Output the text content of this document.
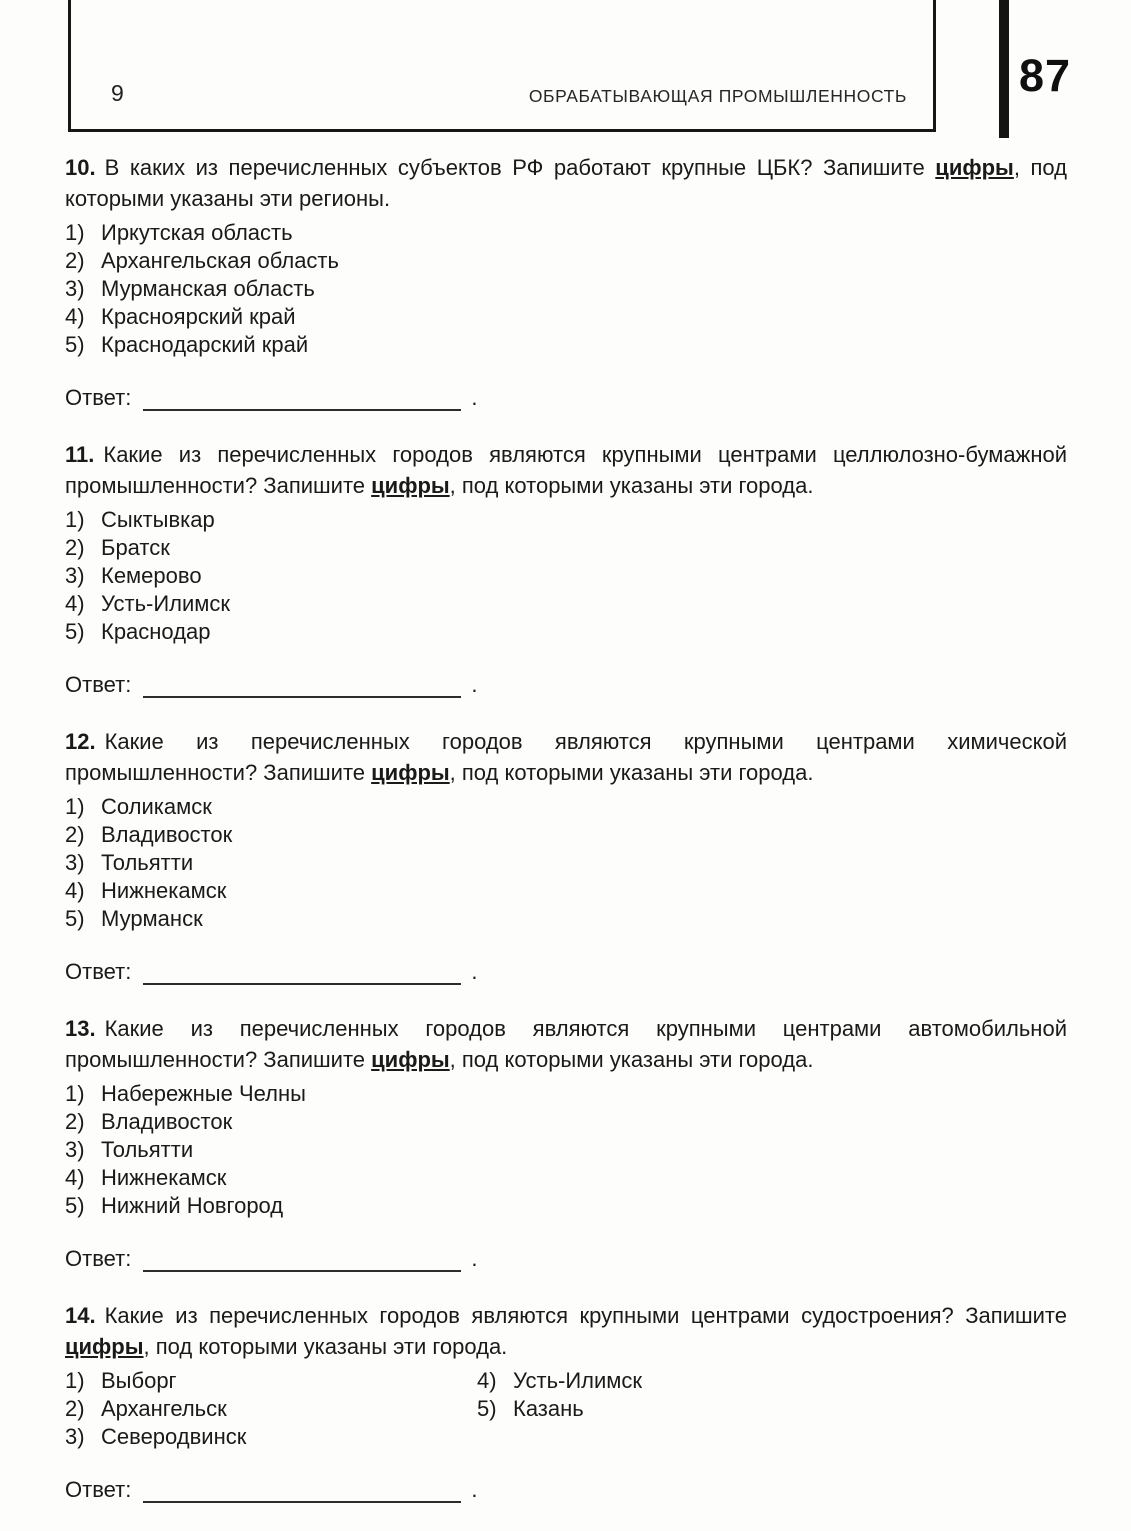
9	ОБРАБАТЫВАЮЩАЯ ПРОМЫШЛЕННОСТЬ 87

10. В каких из перечисленных субъектов РФ работают крупные ЦБК? Запишите цифры, под которыми указаны эти регионы.

1) Иркутская область
2) Архангельская область
3) Мурманская область
4) Красноярский край
5) Краснодарский край
Ответ:	.

11. Какие из перечисленных городов являются крупными центрами целлюлозно-бумажной промышленности? Запишите цифры, под которыми указаны эти города.

1) Сыктывкар
2) Братск
3) Кемерово
4) Усть-Илимск
5) Краснодар
Ответ:	.

12. Какие из перечисленных городов являются крупными центрами химической промышленности? Запишите цифры, под которыми указаны эти города.

1) Соликамск
2) Владивосток
3) Тольятти
4) Нижнекамск
5) Мурманск
Ответ:	.

13. Какие из перечисленных городов являются крупными центрами автомобильной промышленности? Запишите цифры, под которыми указаны эти города.

1) Набережные Челны
2) Владивосток
3) Тольятти
4) Нижнекамск
5) Нижний Новгород
Ответ:	.

14. Какие из перечисленных городов являются крупными центрами судостроения? Запишите цифры, под которыми указаны эти города.

1) Выборг
2) Архангельск
3) Северодвинск
4) Усть-Илимск
5) Казань
Ответ:	.
